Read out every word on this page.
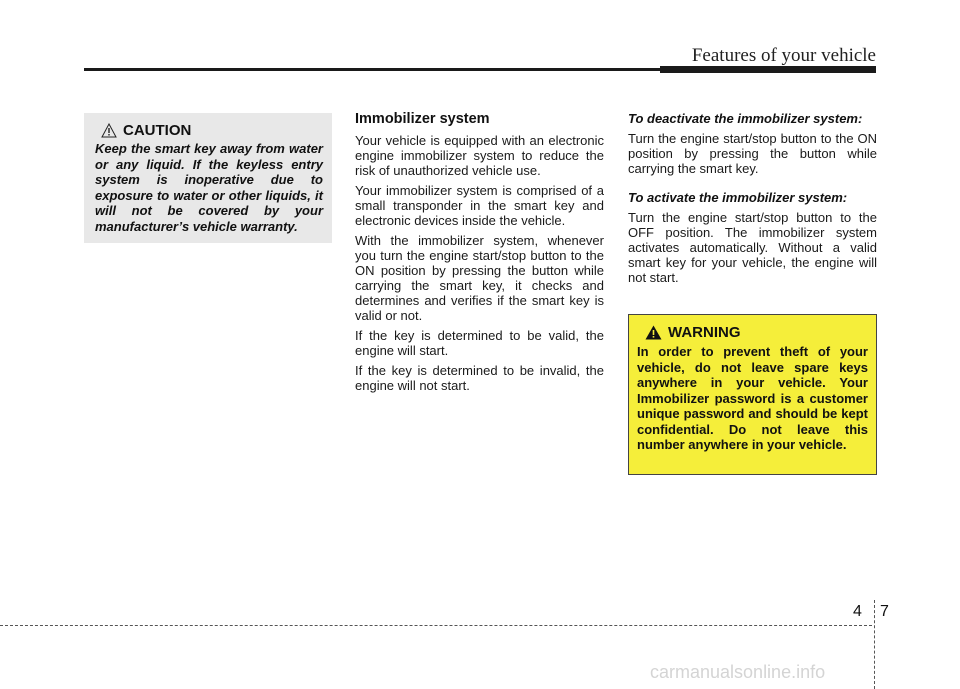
Features of your vehicle
CAUTION
Keep the smart key away from water or any liquid. If the keyless entry system is inoperative due to exposure to water or other liquids, it will not be covered by your manufacturer’s vehicle warranty.
Immobilizer system

Your vehicle is equipped with an electronic engine immobilizer system to reduce the risk of unauthorized vehicle use.

Your immobilizer system is comprised of a small transponder in the smart key and electronic devices inside the vehicle.

With the immobilizer system, whenever you turn the engine start/stop button to the ON position by pressing the button while carrying the smart key, it checks and determines and verifies if the smart key is valid or not.

If the key is determined to be valid, the engine will start.

If the key is determined to be invalid, the engine will not start.

To deactivate the immobilizer system:

Turn the engine start/stop button to the ON position by pressing the button while carrying the smart key.

To activate the immobilizer system:

Turn the engine start/stop button to the OFF position. The immobilizer system activates automatically. Without a valid smart key for your vehicle, the engine will not start.

WARNING
In order to prevent theft of your vehicle, do not leave spare keys anywhere in your vehicle. Your Immobilizer password is a customer unique password and should be kept confidential. Do not leave this number anywhere in your vehicle.
4 7
carmanualsonline.info
